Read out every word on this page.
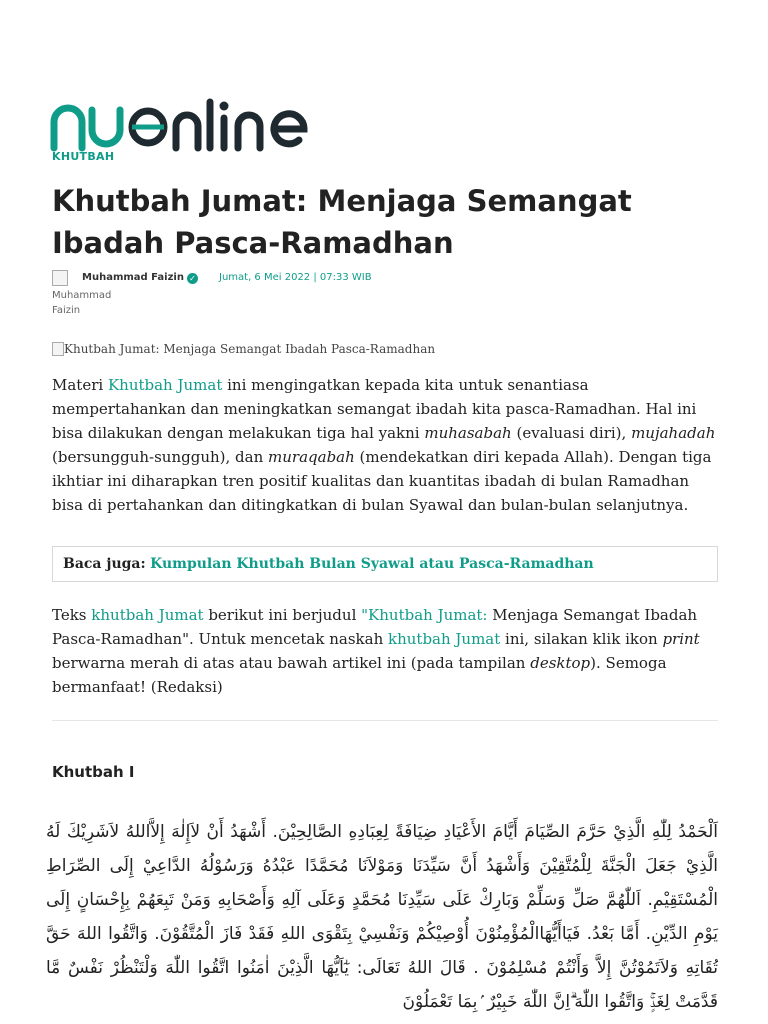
KHUTBAH
Khutbah Jumat: Menjaga Semangat Ibadah Pasca-Ramadhan

Muhammad
Faizin
Muhammad Faizin ✓ Jumat, 6 Mei 2022 | 07:33 WIB
Khutbah Jumat: Menjaga Semangat Ibadah Pasca-Ramadhan

Materi Khutbah Jumat ini mengingatkan kepada kita untuk senantiasa mempertahankan dan meningkatkan semangat ibadah kita pasca-Ramadhan. Hal ini bisa dilakukan dengan melakukan tiga hal yakni muhasabah (evaluasi diri), mujahadah (bersungguh-sungguh), dan muraqabah (mendekatkan diri kepada Allah). Dengan tiga ikhtiar ini diharapkan tren positif kualitas dan kuantitas ibadah di bulan Ramadhan bisa di pertahankan dan ditingkatkan di bulan Syawal dan bulan-bulan selanjutnya.

Baca juga: Kumpulan Khutbah Bulan Syawal atau Pasca-Ramadhan

Teks khutbah Jumat berikut ini berjudul "Khutbah Jumat: Menjaga Semangat Ibadah Pasca-Ramadhan". Untuk mencetak naskah khutbah Jumat ini, silakan klik ikon print berwarna merah di atas atau bawah artikel ini (pada tampilan desktop). Semoga bermanfaat! (Redaksi)

Khutbah I
اَلْحَمْدُ لِلّٰهِ الَّذِيْ حَرَّمَ الصِّيَامَ أَيَّامَ الأَعْيَادِ ضِيَافَةً لِعِبَادِهِ الصَّالِحِيْنَ. أَشْهَدُ أَنْ لاَإِلٰهَ إِلاَّاللهُ لاَشَرِيْكَ لَهُ الَّذِيْ جَعَلَ الْجَنَّةَ لِلْمُتَّقِيْنَ وَأَشْهَدُ أَنَّ سَيِّدَنَا وَمَوْلاَنَا مُحَمَّدًا عَبْدُهُ وَرَسُوْلُهُ الدَّاعِيْ إِلَى الصِّرَاطِ الْمُسْتَقِيْمِ. اَللّٰهُمَّ صَلِّ وَسَلِّمْ وَبَارِكْ عَلَى سَيِّدِنَا مُحَمَّدٍ وَعَلَى آلِهِ وَأَصْحَابِهِ وَمَنْ تَبِعَهُمْ بِإِحْسَانٍ إِلَى يَوْمِ الدِّيْنِ. أَمَّا بَعْدُ. فَيَاأَيُّهَاالْمُؤْمِنُوْنَ أُوْصِيْكُمْ وَنَفْسِيْ بِتَقْوَى اللهِ فَقَدْ فَازَ الْمُتَّقُوْنَ. وَاتَّقُوا اللهَ حَقَّ تُقَاتِهِ وَلاَتَمُوْتُنَّ إِلاَّ وَأَنْتُمْ مُسْلِمُوْنَ . قَالَ اللهُ تَعَالَى: يٰٓاَيُّهَا الَّذِيْنَ اٰمَنُوا اتَّقُوا اللّٰهَ وَلْتَنْظُرْ نَفْسٌ مَّا قَدَّمَتْ لِغَدٍۚ وَاتَّقُوا اللّٰهَ ۗاِنَّ اللّٰهَ خَبِيْرٌ ۢبِمَا تَعْمَلُوْنَ
